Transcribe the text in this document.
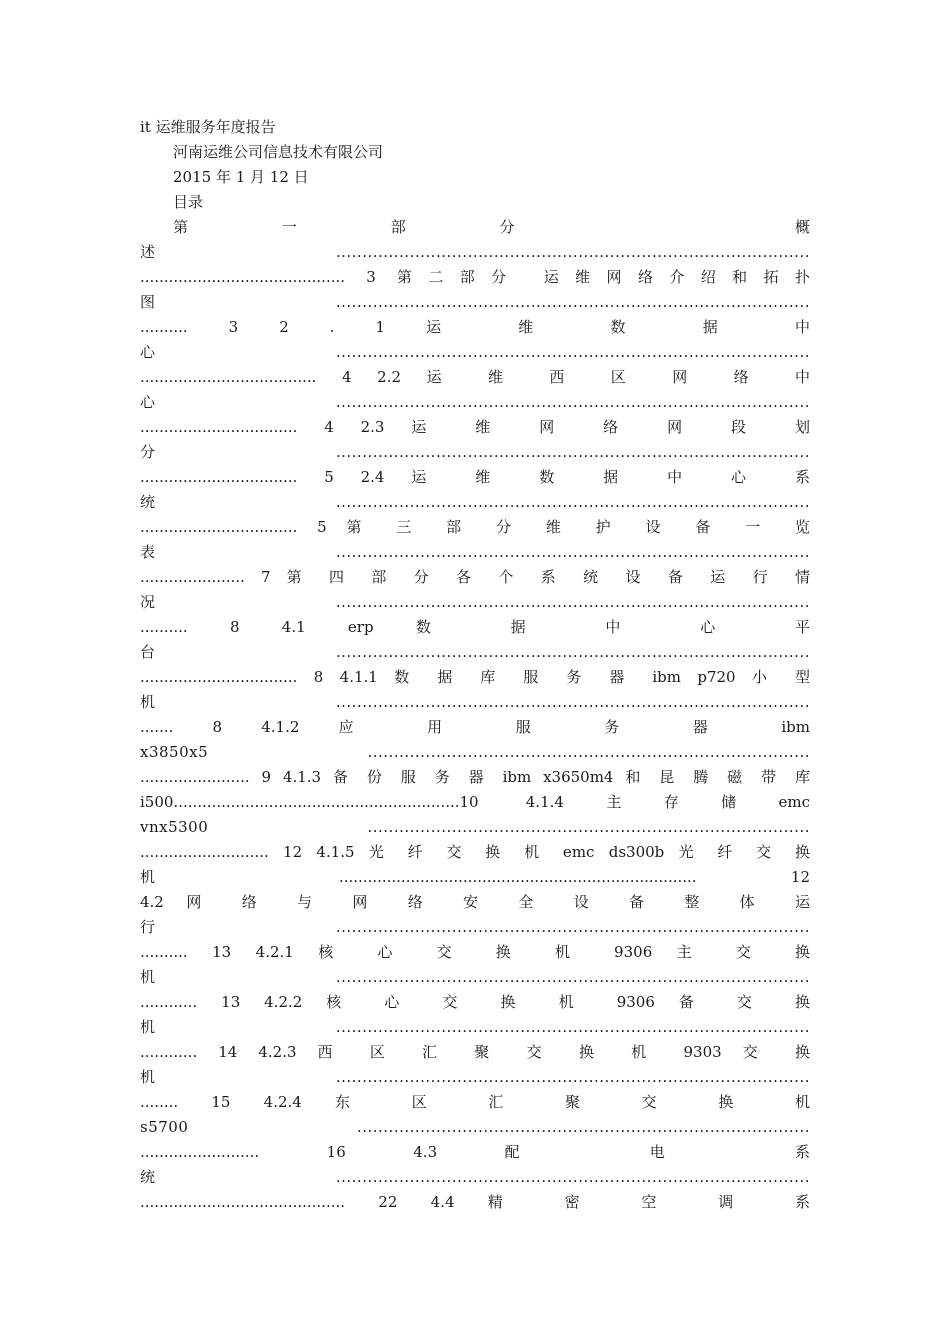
it 运维服务年度报告
河南运维公司信息技术有限公司
2015 年 1 月 12 日
目录
第　　　　　　一　　　　　　部　　　　　　分　　　　　　　　　　　　　　　　　　概
述 ..........................................................................................
........................................... 3 第二部分 运维网络介绍和拓扑
图 ..........................................................................................
.......... 3 2 . 1 运 维 数 据 中
心 ..........................................................................................
..................................... 4 2.2 运 维 西 区 网 络 中
心 ..........................................................................................
................................. 4 2.3 运 维 网 络 网 段 划
分 ..........................................................................................
................................. 5 2.4 运 维 数 据 中 心 系
统 ..........................................................................................
................................. 5 第 三 部 分 维 护 设 备 一 览
表 ..........................................................................................
...................... 7 第 四 部 分 各 个 系 统 设 备 运 行 情
况 ..........................................................................................
.......... 8 4.1 erp 数 据 中 心 平
台 ..........................................................................................
................................. 8 4.1.1 数 据 库 服 务 器 ibm p720 小 型
机 ..........................................................................................
....... 8 4.1.2 应 用 服 务 器 ibm
x3850x5 ....................................................................................
....................... 9 4.1.3 备 份 服 务 器 ibm x3650m4 和 昆 腾 磁 带 库
i500............................................................10 4.1.4主存储emc
vnx5300 ....................................................................................
........................... 12 4.1.5 光 纤 交 换 机 emc ds300b 光 纤 交 换
机 ........................................................................... 12
4.2 网 络 与 网 络 安 全 设 备 整 体 运
行 ..........................................................................................
.......... 13 4.2.1 核 心 交 换 机 9306 主 交 换
机 ..........................................................................................
............ 13 4.2.2 核 心 交 换 机 9306 备 交 换
机 ..........................................................................................
............ 14 4.2.3 西 区 汇 聚 交 换 机 9303 交 换
机 ..........................................................................................
........ 15 4.2.4 东 区 汇 聚 交 换 机
s5700 ......................................................................................
......................... 16 4.3 配 电 系
统 ..........................................................................................
........................................... 22 4.4 精 密 空 调 系
